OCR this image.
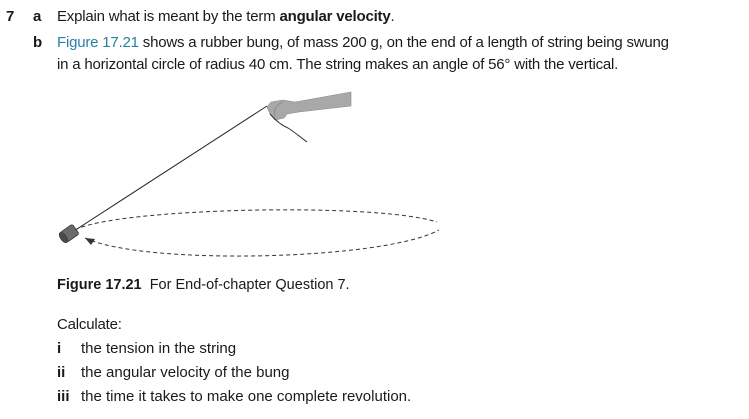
7 a Explain what is meant by the term angular velocity.
b Figure 17.21 shows a rubber bung, of mass 200 g, on the end of a length of string being swung
in a horizontal circle of radius 40 cm. The string makes an angle of 56° with the vertical.
Figure 17.21 For End-of-chapter Question 7.
Calculate:
i the tension in the string
ii the angular velocity of the bung
iii the time it takes to make one complete revolution.
